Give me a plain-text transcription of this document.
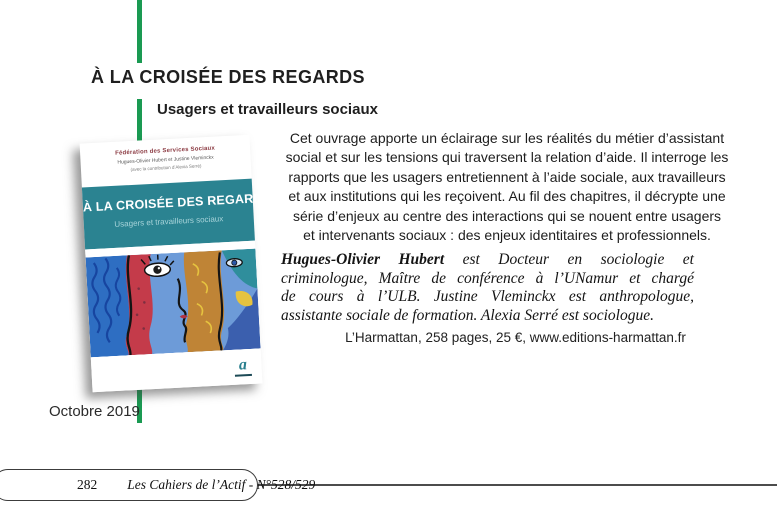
À LA CROISÉE DES REGARDS
Usagers et travailleurs sociaux
Fédération des Services Sociaux
Hugues-Olivier Hubert et Justine Vleminckx
(avec la contribution d’Alexia Serré)
À LA CROISÉE DES REGARDS
Usagers et travailleurs sociaux
a
Cet ouvrage apporte un éclairage sur les réalités du métier d’assistant
social et sur les tensions qui traversent la relation d’aide. Il interroge les
rapports que les usagers entretiennent à l’aide sociale, aux travailleurs
et aux institutions qui les reçoivent. Au fil des chapitres, il décrypte une
série d’enjeux au centre des interactions qui se nouent entre usagers
et intervenants sociaux : des enjeux identitaires et professionnels.
Hugues-Olivier Hubert est Docteur en sociologie et
criminologue, Maître de conférence à l’UNamur et chargé
de cours à l’ULB. Justine Vleminckx est anthropologue,
assistante sociale de formation. Alexia Serré est sociologue.
L’Harmattan, 258 pages, 25 €, www.editions-harmattan.fr
Octobre 2019
282 Les Cahiers de l’Actif - N°528/529
